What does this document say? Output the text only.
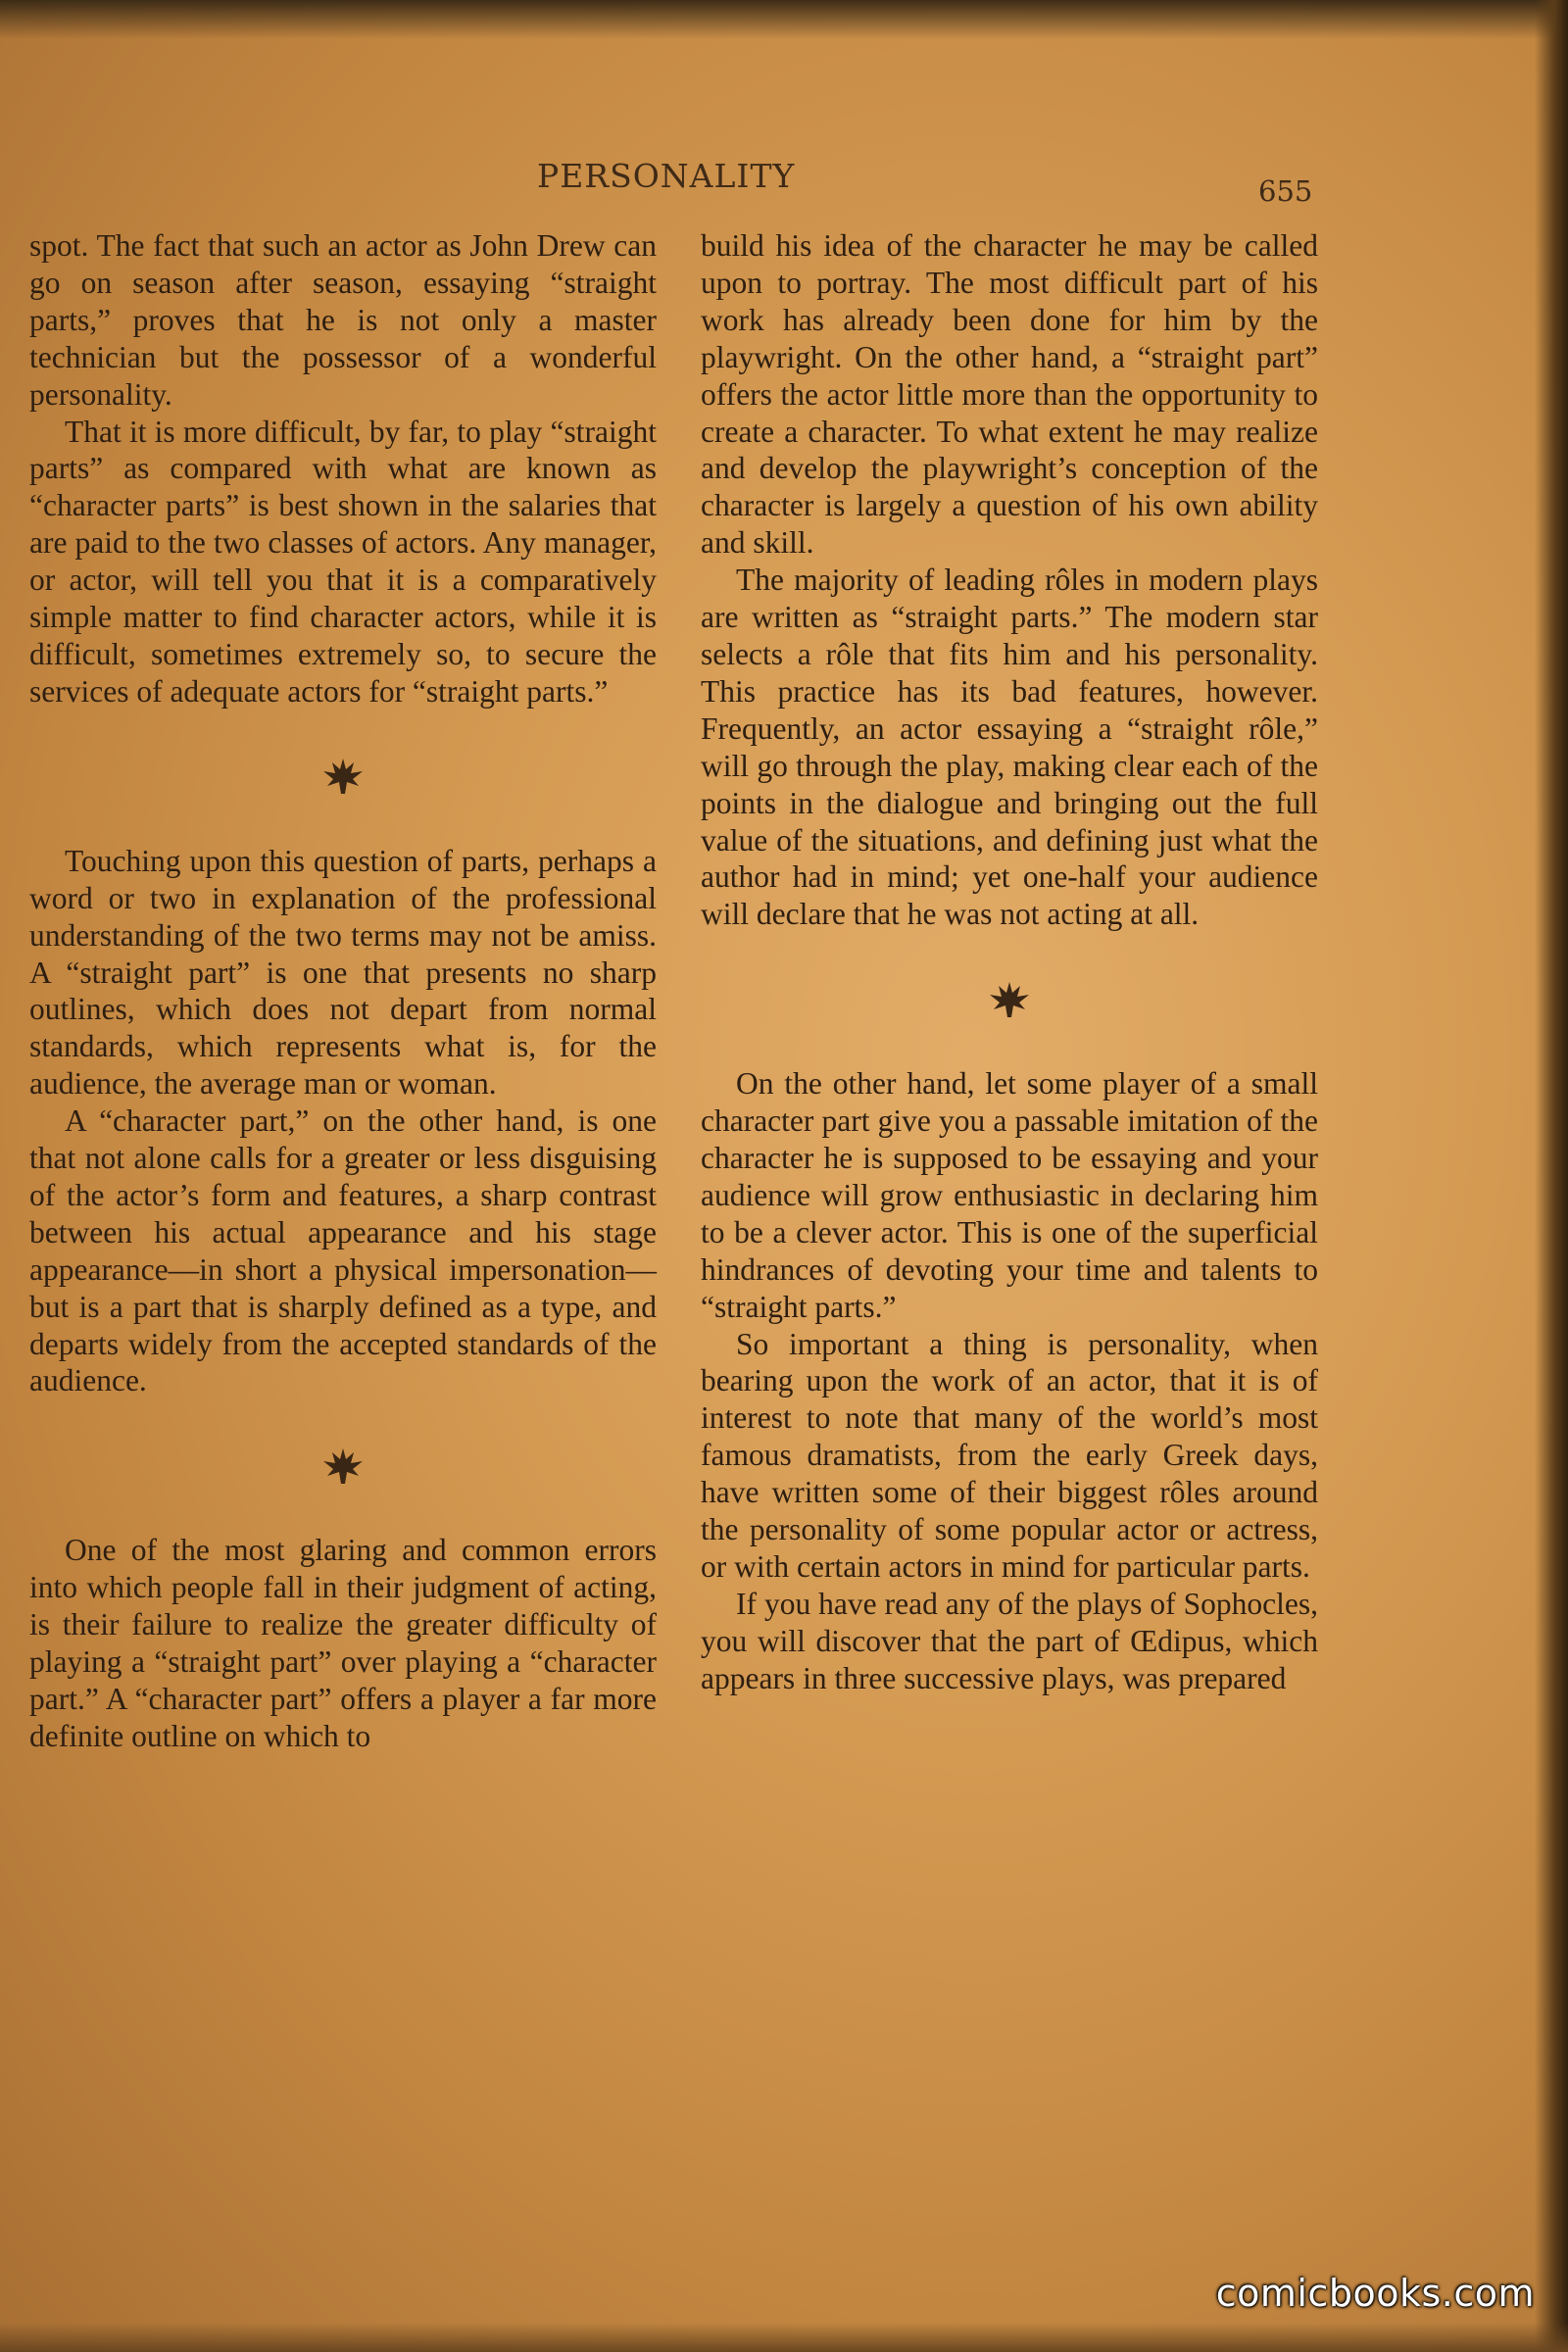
PERSONALITY	655

spot. The fact that such an actor as John Drew can go on season after season, essaying “straight parts,” proves that he is not only a master technician but the possessor of a wonderful personality.

That it is more difficult, by far, to play “straight parts” as compared with what are known as “character parts” is best shown in the salaries that are paid to the two classes of actors. Any manager, or actor, will tell you that it is a comparatively simple matter to find character actors, while it is difficult, sometimes extremely so, to secure the services of adequate actors for “straight parts.”

Touching upon this question of parts, perhaps a word or two in explanation of the professional understanding of the two terms may not be amiss. A “straight part” is one that presents no sharp outlines, which does not depart from normal standards, which represents what is, for the audience, the average man or woman.

A “character part,” on the other hand, is one that not alone calls for a greater or less disguising of the actor’s form and features, a sharp contrast between his actual appearance and his stage appearance—in short a physical impersonation—but is a part that is sharply defined as a type, and departs widely from the accepted standards of the audience.

One of the most glaring and common errors into which people fall in their judgment of acting, is their failure to realize the greater difficulty of playing a “straight part” over playing a “character part.” A “character part” offers a player a far more definite outline on which to

build his idea of the character he may be called upon to portray. The most difficult part of his work has already been done for him by the playwright. On the other hand, a “straight part” offers the actor little more than the opportunity to create a character. To what extent he may realize and develop the playwright’s conception of the character is largely a question of his own ability and skill.

The majority of leading rôles in modern plays are written as “straight parts.” The modern star selects a rôle that fits him and his personality. This practice has its bad features, however. Frequently, an actor essaying a “straight rôle,” will go through the play, making clear each of the points in the dialogue and bringing out the full value of the situations, and defining just what the author had in mind; yet one-half your audience will declare that he was not acting at all.

On the other hand, let some player of a small character part give you a passable imitation of the character he is supposed to be essaying and your audience will grow enthusiastic in declaring him to be a clever actor. This is one of the superficial hindrances of devoting your time and talents to “straight parts.”

So important a thing is personality, when bearing upon the work of an actor, that it is of interest to note that many of the world’s most famous dramatists, from the early Greek days, have written some of their biggest rôles around the personality of some popular actor or actress, or with certain actors in mind for particular parts.

If you have read any of the plays of Sophocles, you will discover that the part of Œdipus, which appears in three successive plays, was prepared

comicbooks.com
